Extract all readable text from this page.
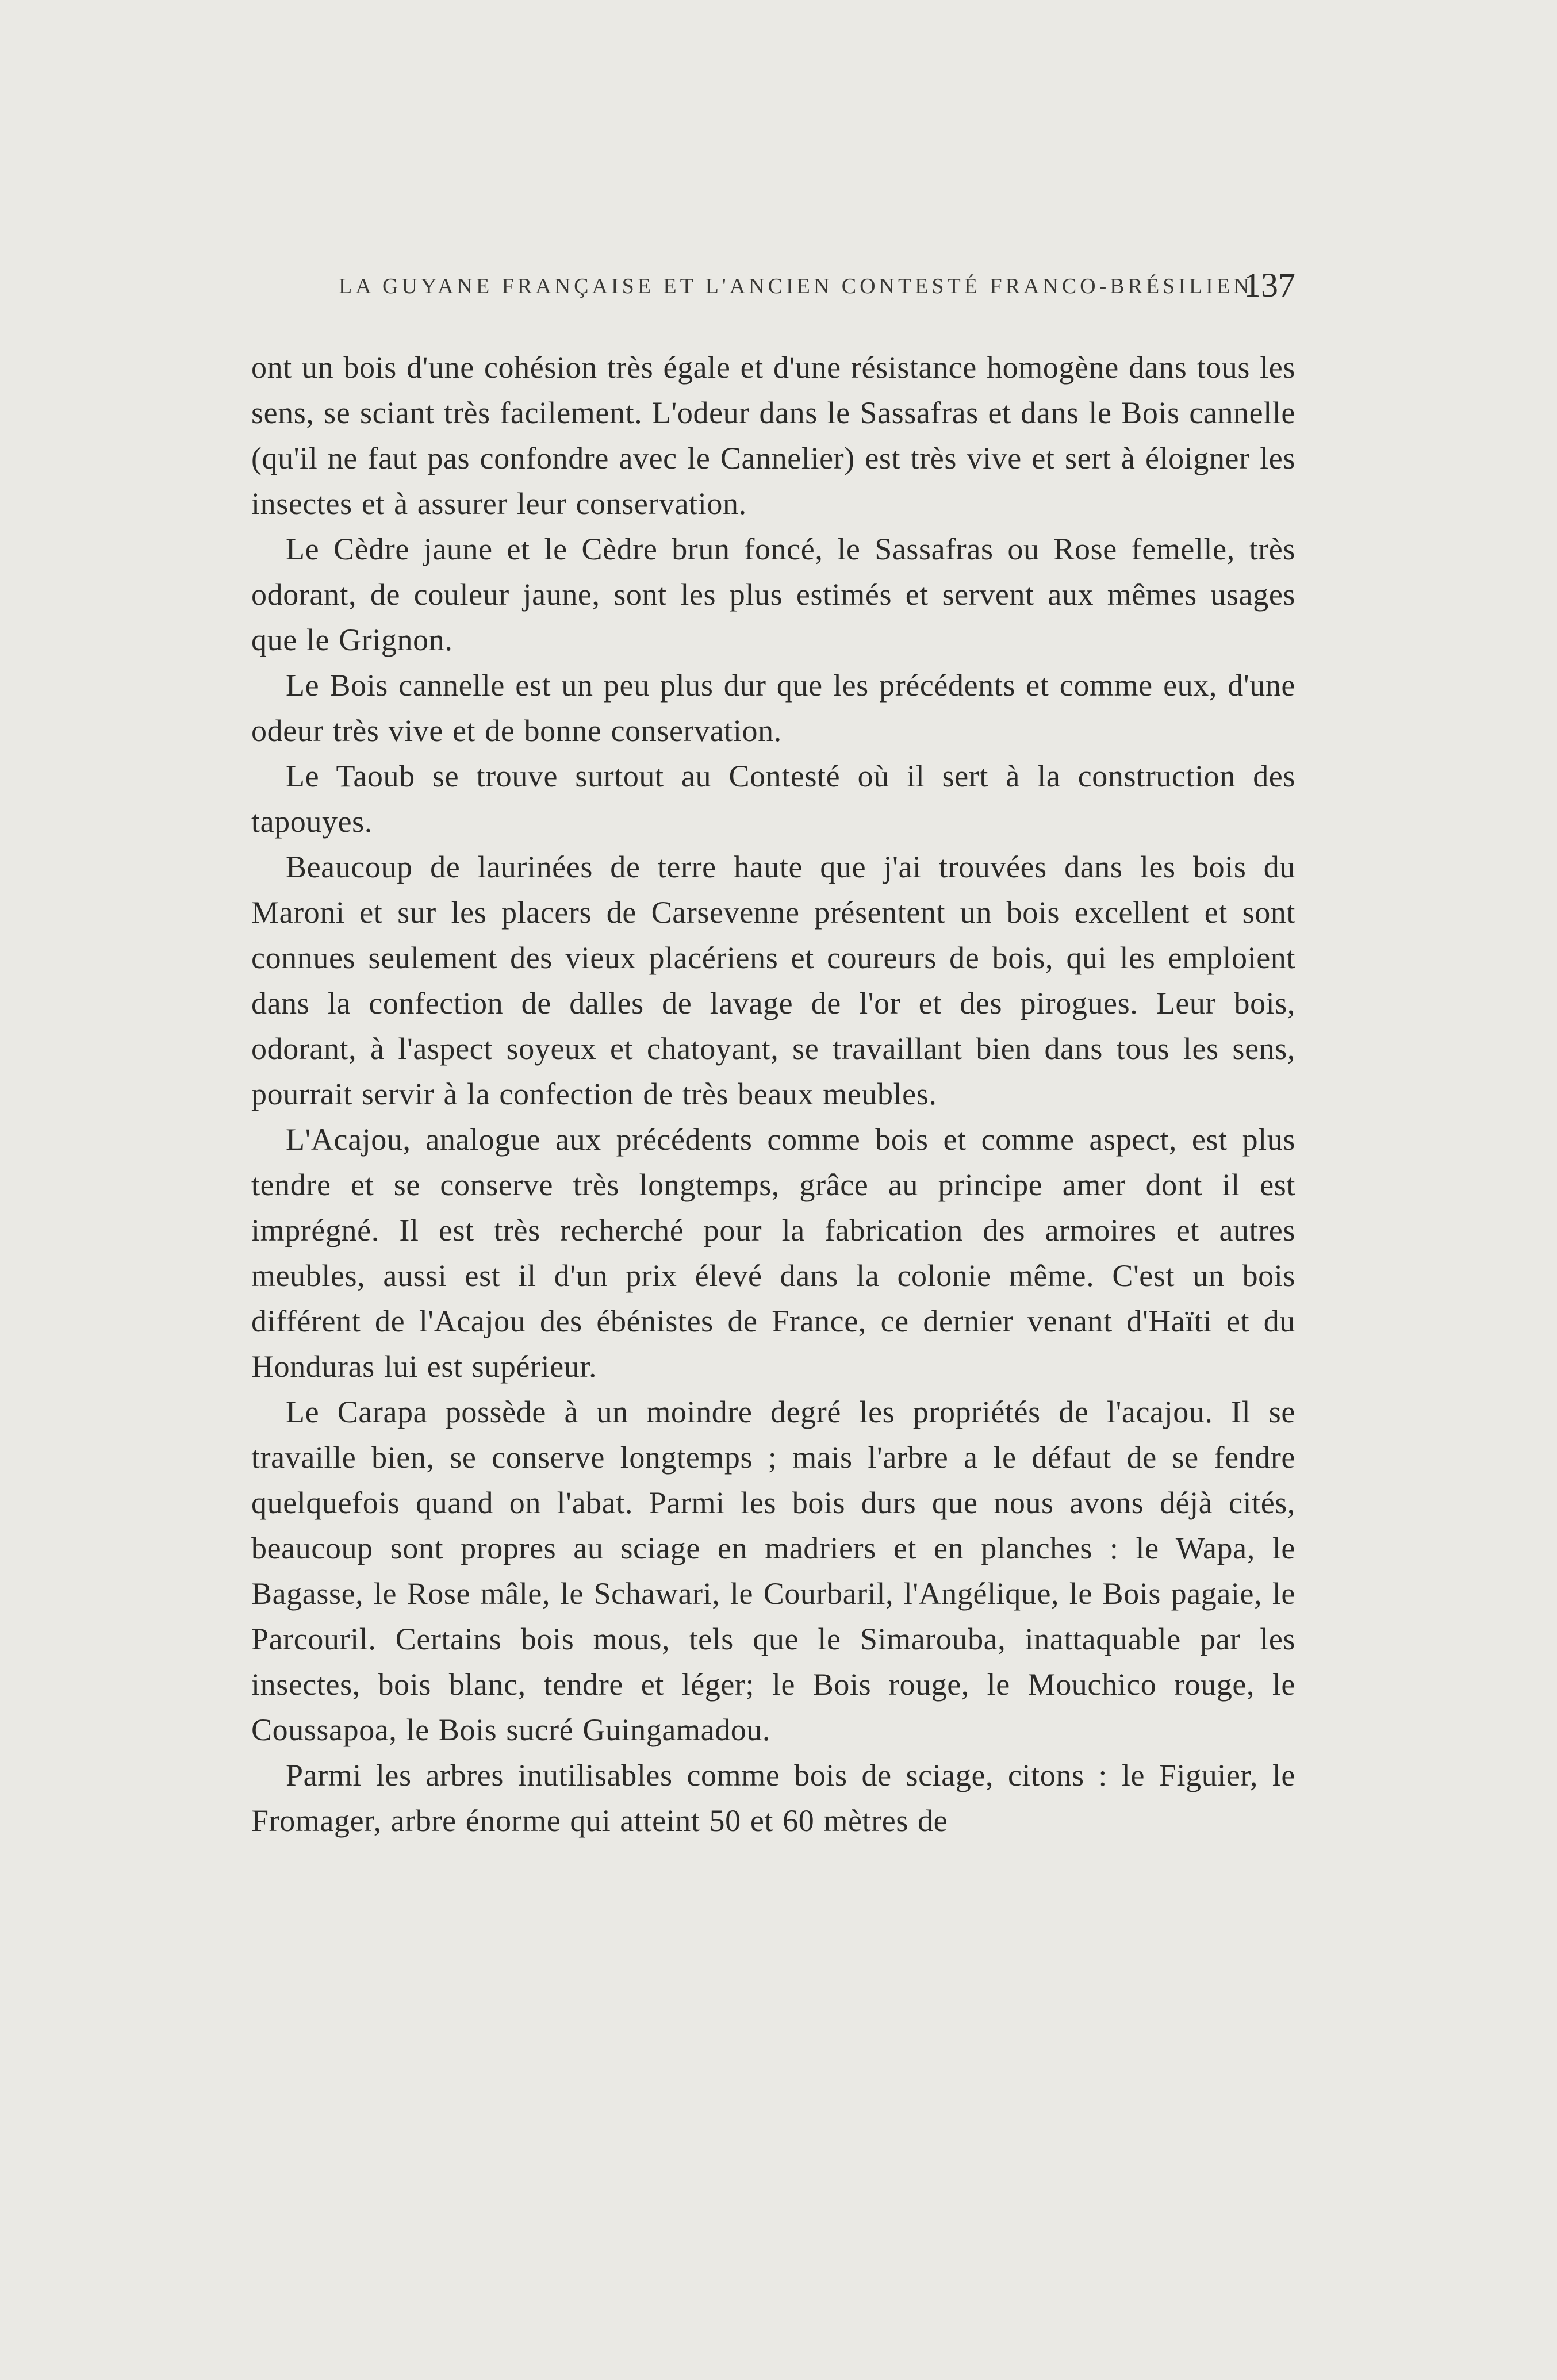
LA GUYANE FRANÇAISE ET L'ANCIEN CONTESTÉ FRANCO-BRÉSILIEN
137

ont un bois d'une cohésion très égale et d'une résistance homogène dans tous les sens, se sciant très facilement. L'odeur dans le Sassafras et dans le Bois cannelle (qu'il ne faut pas confondre avec le Cannelier) est très vive et sert à éloigner les insectes et à assurer leur conservation.

Le Cèdre jaune et le Cèdre brun foncé, le Sassafras ou Rose femelle, très odorant, de couleur jaune, sont les plus estimés et servent aux mêmes usages que le Grignon.

Le Bois cannelle est un peu plus dur que les précédents et comme eux, d'une odeur très vive et de bonne conservation.

Le Taoub se trouve surtout au Contesté où il sert à la construction des tapouyes.

Beaucoup de laurinées de terre haute que j'ai trouvées dans les bois du Maroni et sur les placers de Carsevenne présentent un bois excellent et sont connues seulement des vieux placériens et coureurs de bois, qui les emploient dans la confection de dalles de lavage de l'or et des pirogues. Leur bois, odorant, à l'aspect soyeux et chatoyant, se travaillant bien dans tous les sens, pourrait servir à la confection de très beaux meubles.

L'Acajou, analogue aux précédents comme bois et comme aspect, est plus tendre et se conserve très longtemps, grâce au principe amer dont il est imprégné. Il est très recherché pour la fabrication des armoires et autres meubles, aussi est il d'un prix élevé dans la colonie même. C'est un bois différent de l'Acajou des ébénistes de France, ce dernier venant d'Haïti et du Honduras lui est supérieur.

Le Carapa possède à un moindre degré les propriétés de l'acajou. Il se travaille bien, se conserve longtemps ; mais l'arbre a le défaut de se fendre quelquefois quand on l'abat. Parmi les bois durs que nous avons déjà cités, beaucoup sont propres au sciage en madriers et en planches : le Wapa, le Bagasse, le Rose mâle, le Schawari, le Courbaril, l'Angélique, le Bois pagaie, le Parcouril. Certains bois mous, tels que le Simarouba, inattaquable par les insectes, bois blanc, tendre et léger; le Bois rouge, le Mouchico rouge, le Coussapoa, le Bois sucré Guingamadou.

Parmi les arbres inutilisables comme bois de sciage, citons : le Figuier, le Fromager, arbre énorme qui atteint 50 et 60 mètres de
